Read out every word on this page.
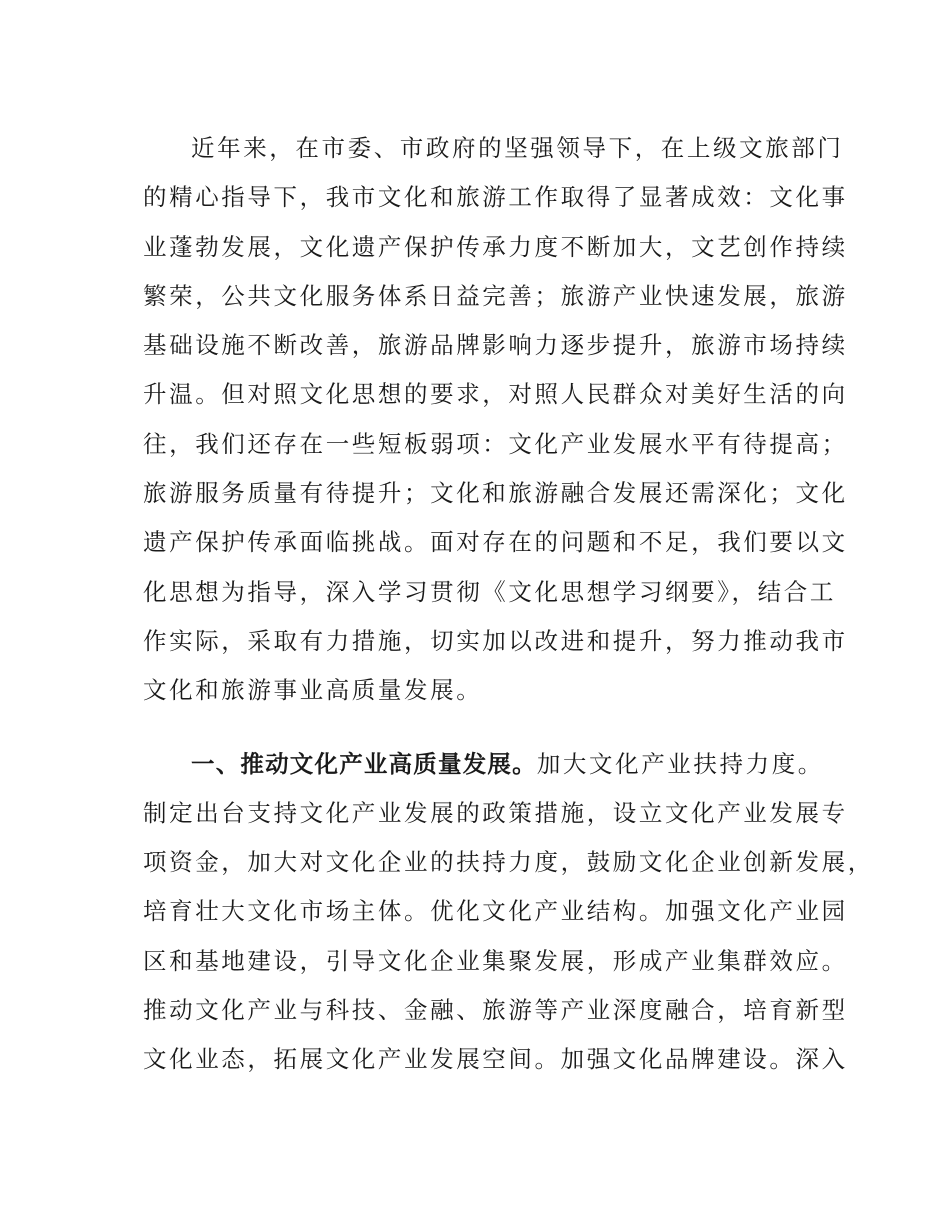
近年来，在市委、市政府的坚强领导下，在上级文旅部门
的精心指导下，我市文化和旅游工作取得了显著成效：文化事
业蓬勃发展，文化遗产保护传承力度不断加大，文艺创作持续
繁荣，公共文化服务体系日益完善；旅游产业快速发展，旅游
基础设施不断改善，旅游品牌影响力逐步提升，旅游市场持续
升温。但对照文化思想的要求，对照人民群众对美好生活的向
往，我们还存在一些短板弱项：文化产业发展水平有待提高；
旅游服务质量有待提升；文化和旅游融合发展还需深化；文化
遗产保护传承面临挑战。面对存在的问题和不足，我们要以文
化思想为指导，深入学习贯彻《文化思想学习纲要》，结合工
作实际，采取有力措施，切实加以改进和提升，努力推动我市
文化和旅游事业高质量发展。
一、推动文化产业高质量发展。加大文化产业扶持力度。
制定出台支持文化产业发展的政策措施，设立文化产业发展专
项资金，加大对文化企业的扶持力度，鼓励文化企业创新发展，
培育壮大文化市场主体。优化文化产业结构。加强文化产业园
区和基地建设，引导文化企业集聚发展，形成产业集群效应。
推动文化产业与科技、金融、旅游等产业深度融合，培育新型
文化业态，拓展文化产业发展空间。加强文化品牌建设。深入
